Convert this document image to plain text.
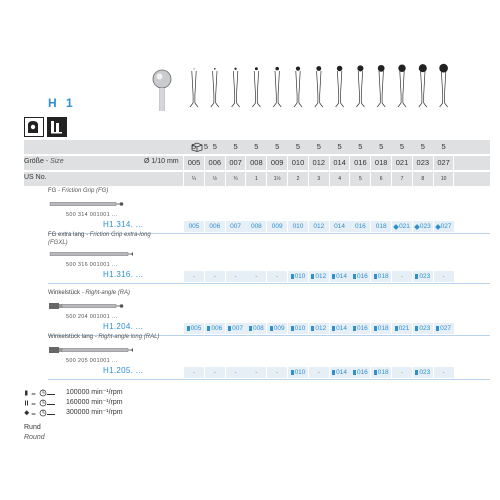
H 1
5
5	5	5	5	5	5	5	5	5	5	5	5	5
Größe - Size	Ø 1/10 mm	005	006	007	008	009	010	012	014	016	018	021	023	027
US No.	¼	½	¾	1	1½	2	3	4	5	6	7	8	10
FG - Friction Grip (FG)
500 314 001001 ...
H1.314. ...	005	006	007	008	009	010	012	014	016	018	021	023	027
FG extra lang - Friction Grip extra-long
(FGXL)
500 316 001001 ...
H1.316. ...	-	-	-	-	-	010	012	014	016	018	-	023	-
Winkelstück - Right-angle (RA)
500 204 001001 ...
H1.204. ...	005	006	007	008	009	010	012	014	016	018	021	023	027
Winkelstück lang - Right-angle long (RAL)
500 205 001001 ...
H1.205. ...	-	-	-	-	-	010	-	014	016	018	-	023	-
=	100000 min⁻¹/rpm
=	160000 min⁻¹/rpm
=	300000 min⁻¹/rpm
Rund
Round
